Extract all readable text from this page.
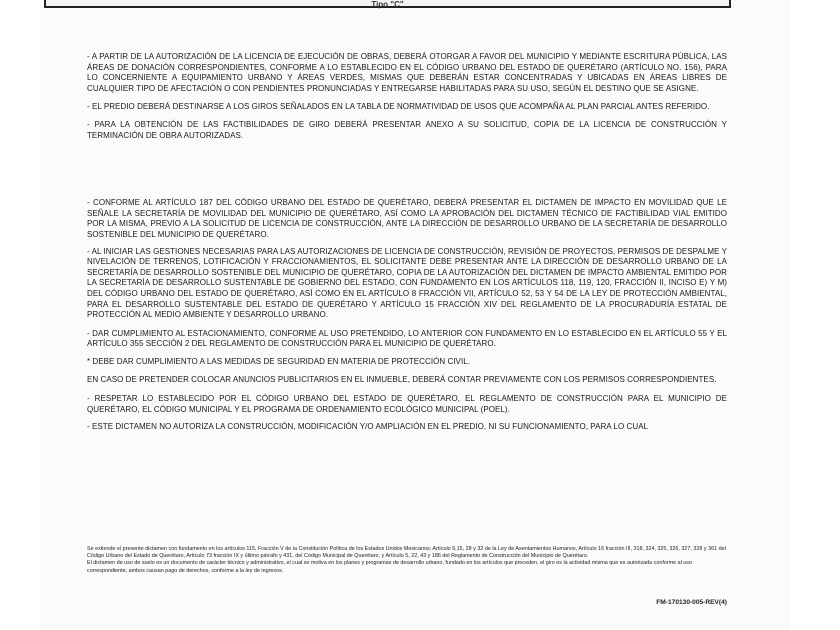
Tipo "C"

- A PARTIR DE LA AUTORIZACIÓN DE LA LICENCIA DE EJECUCIÓN DE OBRAS, DEBERÁ OTORGAR A FAVOR DEL MUNICIPIO Y MEDIANTE ESCRITURA PÚBLICA, LAS ÁREAS DE DONACIÓN CORRESPONDIENTES, CONFORME A LO ESTABLECIDO EN EL CÓDIGO URBANO DEL ESTADO DE QUERÉTARO (ARTÍCULO NO. 156), PARA LO CONCERNIENTE A EQUIPAMIENTO URBANO Y ÁREAS VERDES, MISMAS QUE DEBERÁN ESTAR CONCENTRADAS Y UBICADAS EN ÁREAS LIBRES DE CUALQUIER TIPO DE AFECTACIÓN O CON PENDIENTES PRONUNCIADAS Y ENTREGARSE HABILITADAS PARA SU USO, SEGÚN EL DESTINO QUE SE ASIGNE.

- EL PREDIO DEBERÁ DESTINARSE A LOS GIROS SEÑALADOS EN LA TABLA DE NORMATIVIDAD DE USOS QUE ACOMPAÑA AL PLAN PARCIAL ANTES REFERIDO.

- PARA LA OBTENCIÓN DE LAS FACTIBILIDADES DE GIRO DEBERÁ PRESENTAR ANEXO A SU SOLICITUD, COPIA DE LA LICENCIA DE CONSTRUCCIÓN Y TERMINACIÓN DE OBRA AUTORIZADAS.

- CONFORME AL ARTÍCULO 187 DEL CÓDIGO URBANO DEL ESTADO DE QUERÉTARO, DEBERÁ PRESENTAR EL DICTAMEN DE IMPACTO EN MOVILIDAD QUE LE SEÑALE LA SECRETARÍA DE MOVILIDAD DEL MUNICIPIO DE QUERÉTARO, ASÍ COMO LA APROBACIÓN DEL DICTAMEN TÉCNICO DE FACTIBILIDAD VIAL EMITIDO POR LA MISMA, PREVIO A LA SOLICITUD DE LICENCIA DE CONSTRUCCIÓN, ANTE LA DIRECCIÓN DE DESARROLLO URBANO DE LA SECRETARÍA DE DESARROLLO SOSTENIBLE DEL MUNICIPIO DE QUERÉTARO.

- AL INICIAR LAS GESTIONES NECESARIAS PARA LAS AUTORIZACIONES DE LICENCIA DE CONSTRUCCIÓN, REVISIÓN DE PROYECTOS, PERMISOS DE DESPALME Y NIVELACIÓN DE TERRENOS, LOTIFICACIÓN Y FRACCIONAMIENTOS, EL SOLICITANTE DEBE PRESENTAR ANTE LA DIRECCIÓN DE DESARROLLO URBANO DE LA SECRETARÍA DE DESARROLLO SOSTENIBLE DEL MUNICIPIO DE QUERÉTARO, COPIA DE LA AUTORIZACIÓN DEL DICTAMEN DE IMPACTO AMBIENTAL EMITIDO POR LA SECRETARÍA DE DESARROLLO SUSTENTABLE DE GOBIERNO DEL ESTADO, CON FUNDAMENTO EN LOS ARTÍCULOS 118, 119, 120, FRACCIÓN II, INCISO E) Y M) DEL CÓDIGO URBANO DEL ESTADO DE QUERÉTARO, ASÍ COMO EN EL ARTÍCULO 8 FRACCIÓN VII, ARTÍCULO 52, 53 Y 54 DE LA LEY DE PROTECCIÓN AMBIENTAL, PARA EL DESARROLLO SUSTENTABLE DEL ESTADO DE QUERÉTARO Y ARTÍCULO 15 FRACCIÓN XIV DEL REGLAMENTO DE LA PROCURADURÍA ESTATAL DE PROTECCIÓN AL MEDIO AMBIENTE Y DESARROLLO URBANO.

- DAR CUMPLIMIENTO AL ESTACIONAMIENTO, CONFORME AL USO PRETENDIDO, LO ANTERIOR CON FUNDAMENTO EN LO ESTABLECIDO EN EL ARTÍCULO 55 Y EL ARTÍCULO 355 SECCIÓN 2 DEL REGLAMENTO DE CONSTRUCCIÓN PARA EL MUNICIPIO DE QUERÉTARO.

* DEBE DAR CUMPLIMIENTO A LAS MEDIDAS DE SEGURIDAD EN MATERIA DE PROTECCIÓN CIVIL.

EN CASO DE PRETENDER COLOCAR ANUNCIOS PUBLICITARIOS EN EL INMUEBLE, DEBERÁ CONTAR PREVIAMENTE CON LOS PERMISOS CORRESPONDIENTES.

- RESPETAR LO ESTABLECIDO POR EL CÓDIGO URBANO DEL ESTADO DE QUERÉTARO, EL REGLAMENTO DE CONSTRUCCIÓN PARA EL MUNICIPIO DE QUERÉTARO, EL CÓDIGO MUNICIPAL Y EL PROGRAMA DE ORDENAMIENTO ECOLÓGICO MUNICIPAL (POEL).

- ESTE DICTAMEN NO AUTORIZA LA CONSTRUCCIÓN, MODIFICACIÓN Y/O AMPLIACIÓN EN EL PREDIO, NI SU FUNCIONAMIENTO, PARA LO CUAL

Se extiende el presente dictamen con fundamento en los artículos 115, Fracción V de la Constitución Política de los Estados Unidos Mexicanos; Artículo 9,15, 28 y 32 de la Ley de Asentamientos Humanos, Artículo 16 fracción III, 318, 324, 325, 326, 327, 328 y 361 del Código Urbano del Estado de Querétaro, Artículo 73 fracción IX y último párrafo y 431, del Código Municipal de Querétaro, y Artículo 5, 22, 43 y 186 del Reglamento de Construcción del Municipio de Querétaro.

El dictamen de uso de suelo es un documento de carácter técnico y administrativo, el cual se motiva en los planes y programas de desarrollo urbano, fundado en los artículos que proceden, el giro es la actividad misma que es autorizada conforme al uso correspondiente, ambos causan pago de derechos, conforme a la ley de ingresos.

FM-170130-005-REV(4)
